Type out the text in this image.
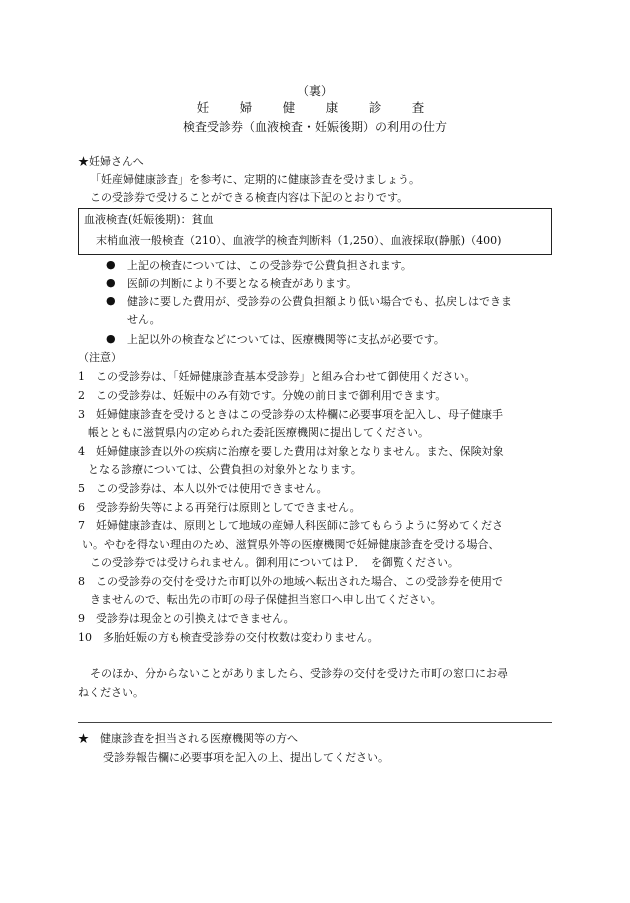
（裏）
妊　婦　健　康　診　査
検査受診券（血液検査・妊娠後期）の利用の仕方
★妊婦さんへ
「妊産婦健康診査」を参考に、定期的に健康診査を受けましょう。
この受診券で受けることができる検査内容は下記のとおりです。
血液検査(妊娠後期)：貧血
末梢血液一般検査（210）、血液学的検査判断料（1,250）、血液採取(静脈)（400)
● 上記の検査については、この受診券で公費負担されます。
● 医師の判断により不要となる検査があります。
● 健診に要した費用が、受診券の公費負担額より低い場合でも、払戻しはできま
せん。
● 上記以外の検査などについては、医療機関等に支払が必要です。
（注意）
1　この受診券は、「妊婦健康診査基本受診券」と組み合わせて御使用ください。
2　この受診券は、妊娠中のみ有効です。分娩の前日まで御利用できます。
3　妊婦健康診査を受けるときはこの受診券の太枠欄に必要事項を記入し、母子健康手
帳とともに滋賀県内の定められた委託医療機関に提出してください。
4　妊婦健康診査以外の疾病に治療を要した費用は対象となりません。また、保険対象
となる診療については、公費負担の対象外となります。
5　この受診券は、本人以外では使用できません。
6　受診券紛失等による再発行は原則としてできません。
7　妊婦健康診査は、原則として地域の産婦人科医師に診てもらうように努めてくださ
い。やむを得ない理由のため、滋賀県外等の医療機関で妊婦健康診査を受ける場合、
この受診券では受けられません。御利用についてはＰ．　を御覧ください。
8　この受診券の交付を受けた市町以外の地域へ転出された場合、この受診券を使用で
きませんので、転出先の市町の母子保健担当窓口へ申し出てください。
9　受診券は現金との引換えはできません。
10　多胎妊娠の方も検査受診券の交付枚数は変わりません。
そのほか、分からないことがありましたら、受診券の交付を受けた市町の窓口にお尋
ねください。
★　健康診査を担当される医療機関等の方へ
受診券報告欄に必要事項を記入の上、提出してください。
